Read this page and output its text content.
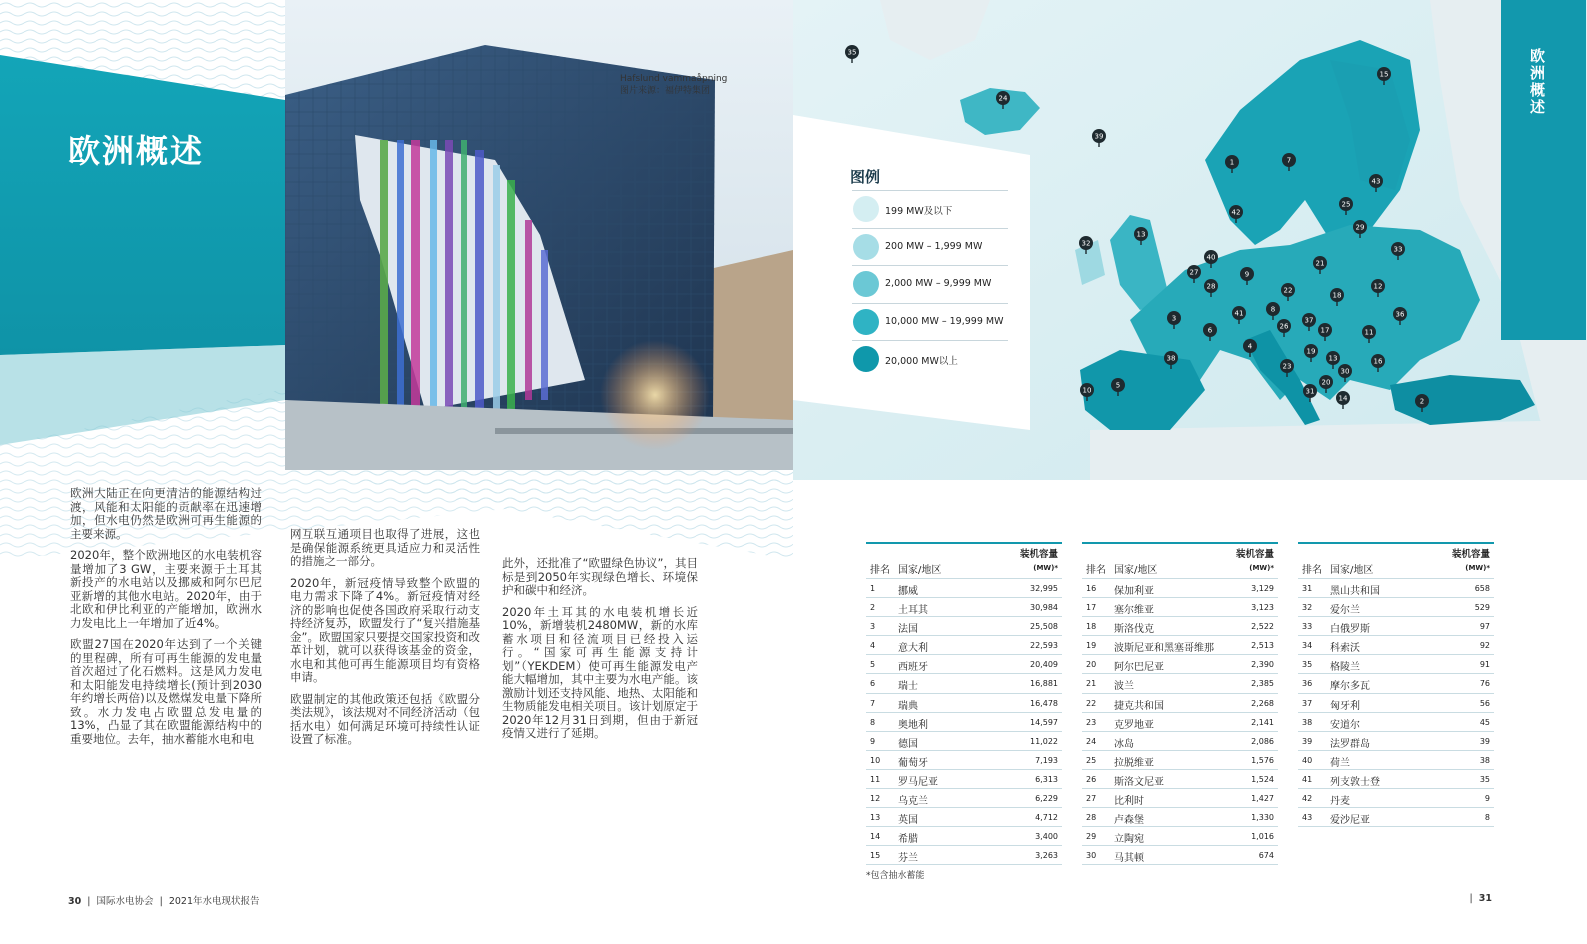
欧洲概述
Hafslund vammaåpning
图片来源：福伊特集团

欧洲大陆正在向更清洁的能源结构过渡，风能和太阳能的贡献率在迅速增加，但水电仍然是欧洲可再生能源的主要来源。

2020年，整个欧洲地区的水电装机容量增加了3 GW，主要来源于土耳其新投产的水电站以及挪威和阿尔巴尼亚新增的其他水电站。2020年，由于北欧和伊比利亚的产能增加，欧洲水力发电比上一年增加了近4%。

欧盟27国在2020年达到了一个关键的里程碑，所有可再生能源的发电量首次超过了化石燃料。这是风力发电和太阳能发电持续增长(预计到2030年约增长两倍)以及燃煤发电量下降所致。水力发电占欧盟总发电量的13%，凸显了其在欧盟能源结构中的重要地位。去年，抽水蓄能水电和电

网互联互通项目也取得了进展，这也是确保能源系统更具适应力和灵活性的措施之一部分。

2020年，新冠疫情导致整个欧盟的电力需求下降了4%。新冠疫情对经济的影响也促使各国政府采取行动支持经济复苏，欧盟发行了“复兴措施基金”。欧盟国家只要提交国家投资和改革计划，就可以获得该基金的资金，水电和其他可再生能源项目均有资格申请。

欧盟制定的其他政策还包括《欧盟分类法规》，该法规对不同经济活动（包括水电）如何满足环境可持续性认证设置了标准。

此外，还批准了“欧盟绿色协议”，其目标是到2050年实现绿色增长、环境保护和碳中和经济。

2020年土耳其的水电装机增长近10%，新增装机2480MW，新的水库蓄水项目和径流项目已经投入运行。“国家可再生能源支持计划”（YEKDEM）使可再生能源发电产能大幅增加，其中主要为水电产能。该激励计划还支持风能、地热、太阳能和生物质能发电相关项目。该计划原定于2020年12月31日到期，但由于新冠疫情又进行了延期。

30  |  国际水电协会  |  2021年水电现状报告
35
15
24
39
7
1
43
25
42
29
32
13
33
40
9
21
27
28	22	12
8
18
36
41
37
3
26	17
6	11
4
19
38	13	16
23
30
20
31
14
5
10
2
欧洲概述
图例
排名 国家/地区
装机容量
(MW)*
1 挪威	32,995
2 土耳其	30,984
3 法国	25,508
4 意大利	22,593
5 西班牙	20,409
6 瑞士	16,881
7 瑞典	16,478
8 奥地利	14,597
9 德国	11,022
10 葡萄牙	7,193
11 罗马尼亚	6,313
12 乌克兰	6,229
13 英国	4,712
14 希腊	3,400
15 芬兰	3,263
排名 国家/地区
装机容量
(MW)*
16 保加利亚	3,129
17 塞尔维亚	3,123
18 斯洛伐克	2,522
19 波斯尼亚和黑塞哥维那	2,513
20 阿尔巴尼亚	2,390
21 波兰	2,385
22 捷克共和国	2,268
23 克罗地亚	2,141
24 冰岛	2,086
25 拉脱维亚	1,576
26 斯洛文尼亚	1,524
27 比利时	1,427
28 卢森堡	1,330
29 立陶宛	1,016
30 马其顿	674
排名 国家/地区
装机容量
(MW)*
31 黑山共和国	658
32 爱尔兰	529
33 白俄罗斯	97
34 科索沃	92
35 格陵兰	91
36 摩尔多瓦	76
37 匈牙利	56
38 安道尔	45
39 法罗群岛	39
40 荷兰	38
41 列支敦士登	35
42 丹麦	9
43 爱沙尼亚	8
*包含抽水蓄能
|  31
199 MW及以下
200 MW – 1,999 MW
2,000 MW – 9,999 MW
10,000 MW – 19,999 MW
20,000 MW以上
